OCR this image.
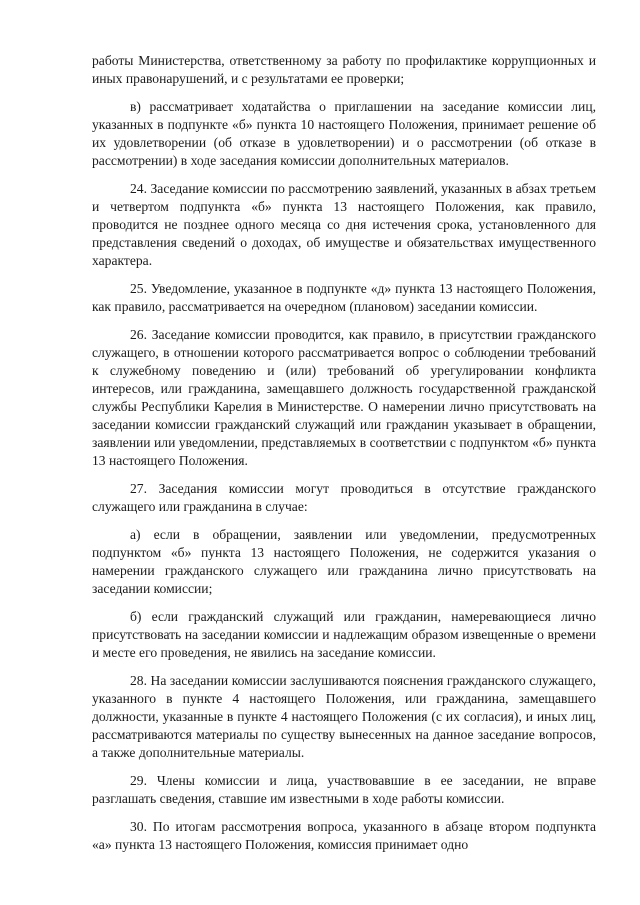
работы Министерства, ответственному за работу по профилактике коррупционных и иных правонарушений, и с результатами ее проверки;

в) рассматривает ходатайства о приглашении на заседание комиссии лиц, указанных в подпункте «б» пункта 10 настоящего Положения, принимает решение об их удовлетворении (об отказе в удовлетворении) и о рассмотрении (об отказе в рассмотрении) в ходе заседания комиссии дополнительных материалов.

24. Заседание комиссии по рассмотрению заявлений, указанных в абзах третьем и четвертом подпункта «б» пункта 13 настоящего Положения, как правило, проводится не позднее одного месяца со дня истечения срока, установленного для представления сведений о доходах, об имуществе и обязательствах имущественного характера.

25. Уведомление, указанное в подпункте «д» пункта 13 настоящего Положения, как правило, рассматривается на очередном (плановом) заседании комиссии.

26. Заседание комиссии проводится, как правило, в присутствии гражданского служащего, в отношении которого рассматривается вопрос о соблюдении требований к служебному поведению и (или) требований об урегулировании конфликта интересов, или гражданина, замещавшего должность государственной гражданской службы Республики Карелия в Министерстве. О намерении лично присутствовать на заседании комиссии гражданский служащий или гражданин указывает в обращении, заявлении или уведомлении, представляемых в соответствии с подпунктом «б» пункта 13 настоящего Положения.

27. Заседания комиссии могут проводиться в отсутствие гражданского служащего или гражданина в случае:

а) если в обращении, заявлении или уведомлении, предусмотренных подпунктом «б» пункта 13 настоящего Положения, не содержится указания о намерении гражданского служащего или гражданина лично присутствовать на заседании комиссии;

б) если гражданский служащий или гражданин, намеревающиеся лично присутствовать на заседании комиссии и надлежащим образом извещенные о времени и месте его проведения, не явились на заседание комиссии.

28. На заседании комиссии заслушиваются пояснения гражданского служащего, указанного в пункте 4 настоящего Положения, или гражданина, замещавшего должности, указанные в пункте 4 настоящего Положения (с их согласия), и иных лиц, рассматриваются материалы по существу вынесенных на данное заседание вопросов, а также дополнительные материалы.

29. Члены комиссии и лица, участвовавшие в ее заседании, не вправе разглашать сведения, ставшие им известными в ходе работы комиссии.

30. По итогам рассмотрения вопроса, указанного в абзаце втором подпункта «а» пункта 13 настоящего Положения, комиссия принимает одно
